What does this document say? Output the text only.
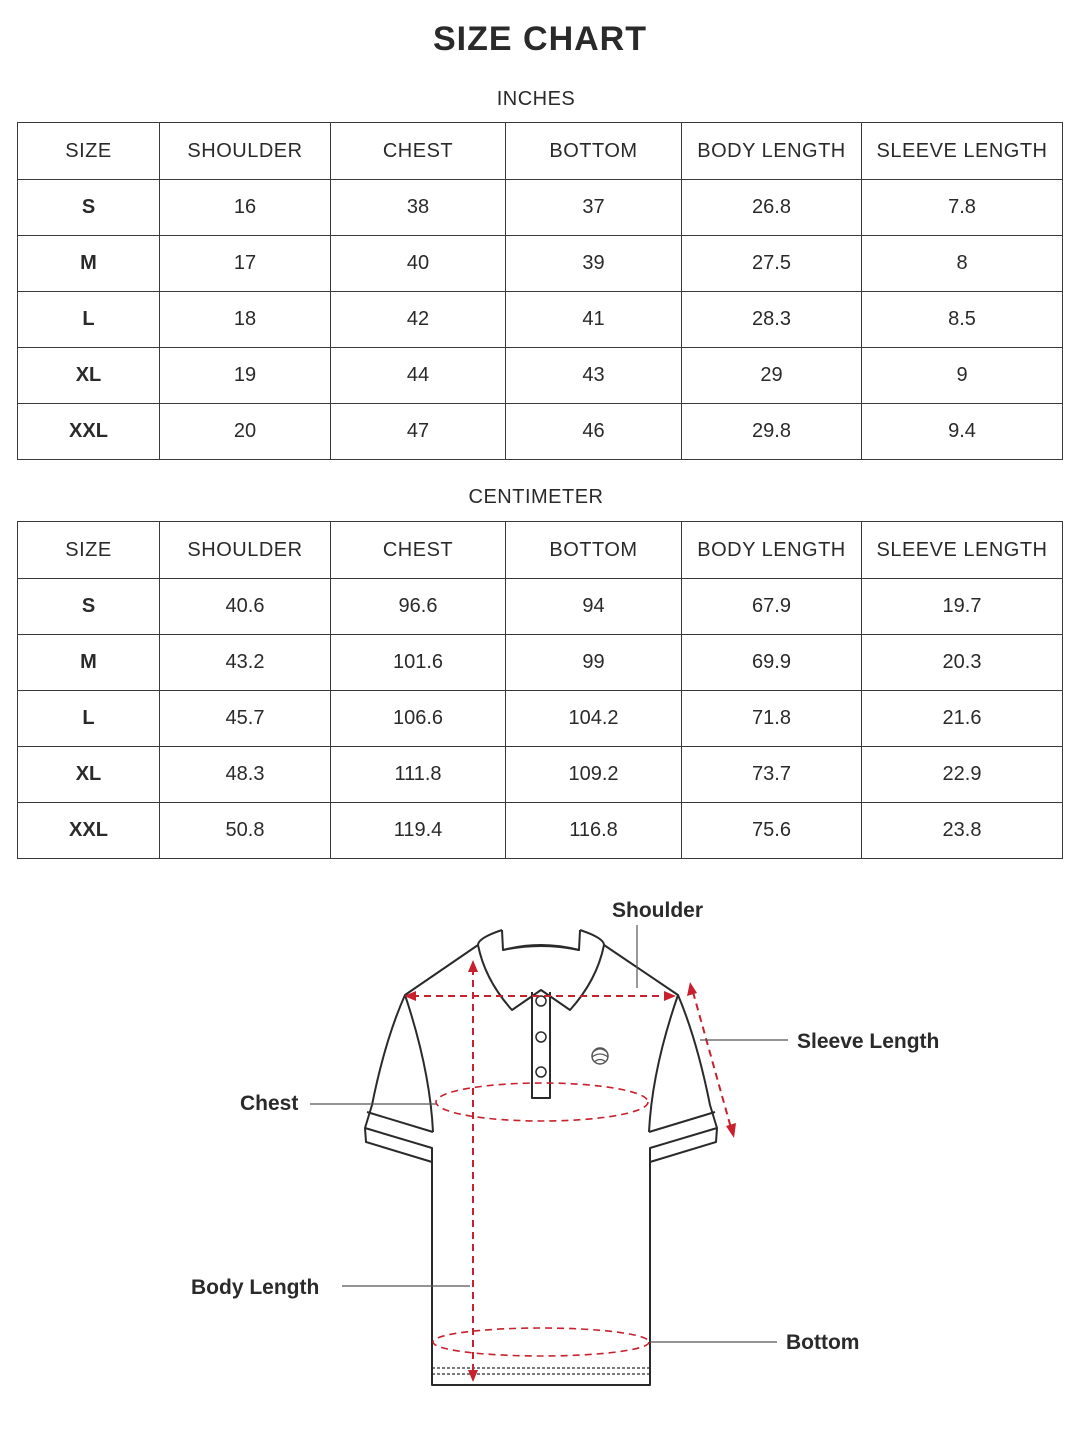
SIZE CHART
INCHES
SIZE	SHOULDER	CHEST	BOTTOM	BODY LENGTH	SLEEVE LENGTH
S	16	38	37	26.8	7.8
M	17	40	39	27.5	8
L	18	42	41	28.3	8.5
XL	19	44	43	29	9
XXL	20	47	46	29.8	9.4
CENTIMETER
SIZE	SHOULDER	CHEST	BOTTOM	BODY LENGTH	SLEEVE LENGTH
S	40.6	96.6	94	67.9	19.7
M	43.2	101.6	99	69.9	20.3
L	45.7	106.6	104.2	71.8	21.6
XL	48.3	111.8	109.2	73.7	22.9
XXL	50.8	119.4	116.8	75.6	23.8
Shoulder
Sleeve Length
Chest
Body Length
Bottom
